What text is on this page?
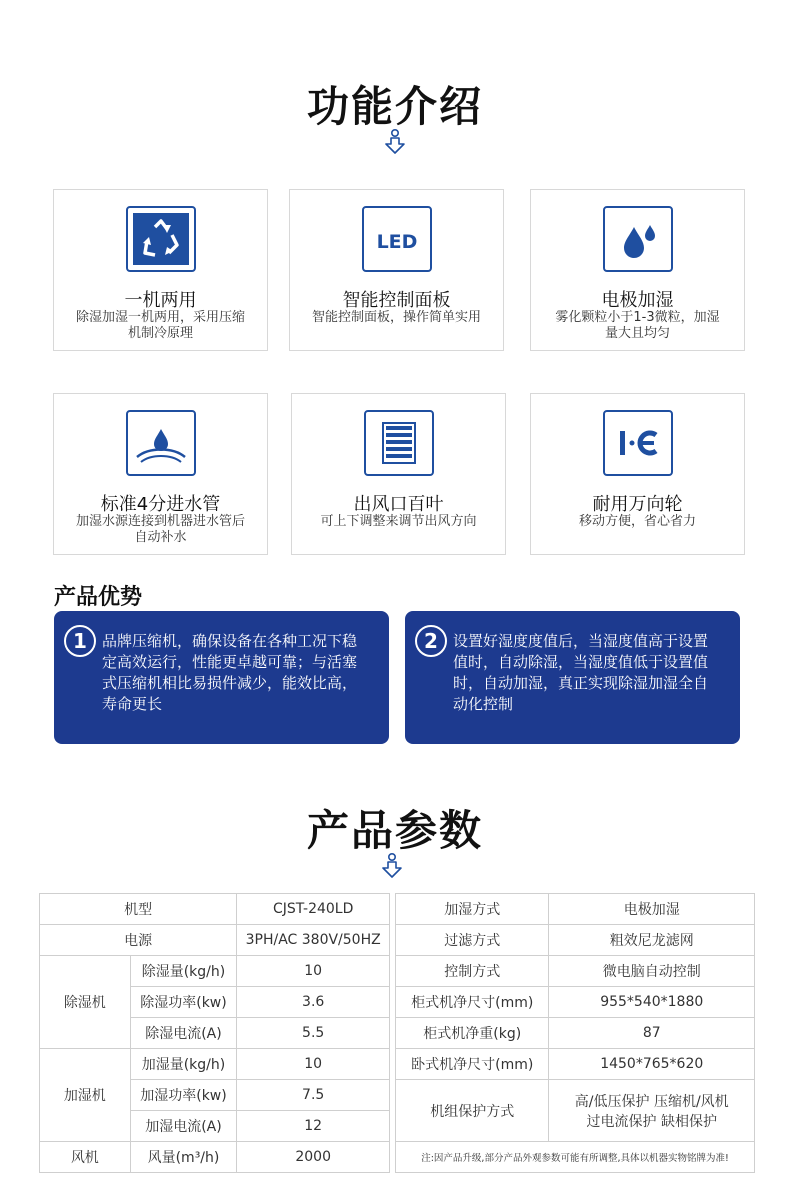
功能介绍
一机两用
除湿加湿一机两用，采用压缩机制冷原理
LED
智能控制面板
智能控制面板，操作简单实用
电极加湿
雾化颗粒小于1-3微粒，加湿量大且均匀
标准4分进水管
加湿水源连接到机器进水管后自动补水
出风口百叶
可上下调整来调节出风方向
耐用万向轮
移动方便，省心省力
产品优势
1	品牌压缩机，确保设备在各种工况下稳定高效运行，性能更卓越可靠；与活塞式压缩机相比易损件减少，能效比高，寿命更长
2	设置好湿度度值后，当湿度值高于设置值时，自动除湿，当湿度值低于设置值时，自动加湿，真正实现除湿加湿全自动化控制
产品参数
机型		CJST-240LD
电源		3PH/AC 380V/50HZ
除湿机	除湿量(kg/h)	10
	除湿功率(kw)	3.6
	除湿电流(A)	5.5
加湿机	加湿量(kg/h)	10
	加湿功率(kw)	7.5
	加湿电流(A)	12
风机	风量(m³/h)	2000
加湿方式	电极加湿
过滤方式	粗效尼龙滤网
控制方式	微电脑自动控制
柜式机净尺寸(mm)	955*540*1880
柜式机净重(kg)	87
卧式机净尺寸(mm)	1450*765*620
机组保护方式	高/低压保护 压缩机/风机
过电流保护 缺相保护

注:因产品升级,部分产品外观参数可能有所调整,具体以机器实物铭牌为准!	
